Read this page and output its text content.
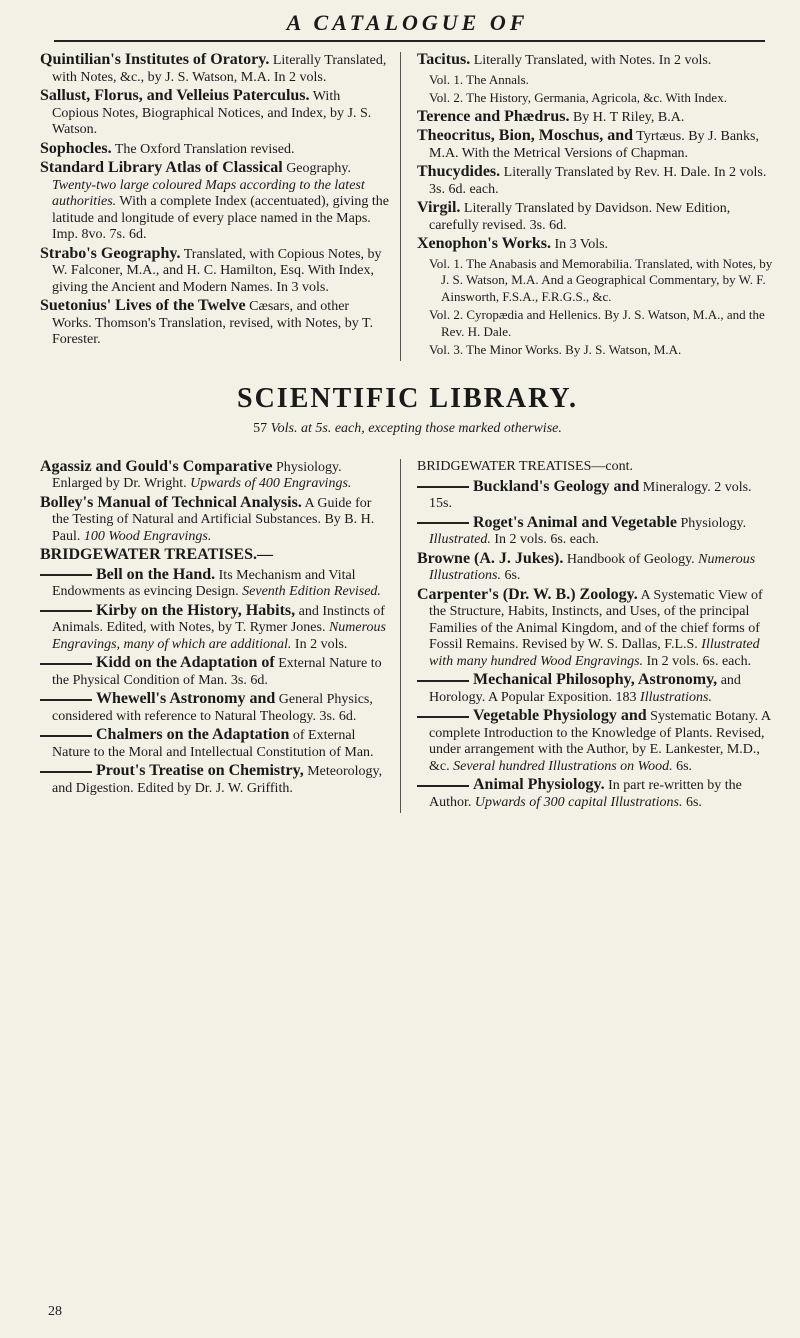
A CATALOGUE OF
Quintilian's Institutes of Oratory. Literally Translated, with Notes, &c., by J. S. Watson, M.A. In 2 vols.
Sallust, Florus, and Velleius Paterculus. With Copious Notes, Biographical Notices, and Index, by J. S. Watson.
Sophocles. The Oxford Translation revised.
Standard Library Atlas of Classical Geography. Twenty-two large coloured Maps according to the latest authorities. With a complete Index (accentuated), giving the latitude and longitude of every place named in the Maps. Imp. 8vo. 7s. 6d.
Strabo's Geography. Translated, with Copious Notes, by W. Falconer, M.A., and H. C. Hamilton, Esq. With Index, giving the Ancient and Modern Names. In 3 vols.
Suetonius' Lives of the Twelve Cæsars, and other Works. Thomson's Translation, revised, with Notes, by T. Forester.
Tacitus. Literally Translated, with Notes. In 2 vols.
Vol. 1. The Annals.
Vol. 2. The History, Germania, Agricola, &c. With Index.
Terence and Phædrus. By H. T Riley, B.A.
Theocritus, Bion, Moschus, and Tyrtæus. By J. Banks, M.A. With the Metrical Versions of Chapman.
Thucydides. Literally Translated by Rev. H. Dale. In 2 vols. 3s. 6d. each.
Virgil. Literally Translated by Davidson. New Edition, carefully revised. 3s. 6d.
Xenophon's Works. In 3 Vols.
Vol. 1. The Anabasis and Memorabilia. Translated, with Notes, by J. S. Watson, M.A. And a Geographical Commentary, by W. F. Ainsworth, F.S.A., F.R.G.S., &c.
Vol. 2. Cyropædia and Hellenics. By J. S. Watson, M.A., and the Rev. H. Dale.
Vol. 3. The Minor Works. By J. S. Watson, M.A.
SCIENTIFIC LIBRARY.
57 Vols. at 5s. each, excepting those marked otherwise.
Agassiz and Gould's Comparative Physiology. Enlarged by Dr. Wright. Upwards of 400 Engravings.
Bolley's Manual of Technical Analysis. A Guide for the Testing of Natural and Artificial Substances. By B. H. Paul. 100 Wood Engravings.
BRIDGEWATER TREATISES.—
Bell on the Hand. Its Mechanism and Vital Endowments as evincing Design. Seventh Edition Revised.
Kirby on the History, Habits, and Instincts of Animals. Edited, with Notes, by T. Rymer Jones. Numerous Engravings, many of which are additional. In 2 vols.
Kidd on the Adaptation of External Nature to the Physical Condition of Man. 3s. 6d.
Whewell's Astronomy and General Physics, considered with reference to Natural Theology. 3s. 6d.
Chalmers on the Adaptation of External Nature to the Moral and Intellectual Constitution of Man.
Prout's Treatise on Chemistry, Meteorology, and Digestion. Edited by Dr. J. W. Griffith.
BRIDGEWATER TREATISES—cont.
Buckland's Geology and Mineralogy. 2 vols. 15s.
Roget's Animal and Vegetable Physiology. Illustrated. In 2 vols. 6s. each.
Browne (A. J. Jukes). Handbook of Geology. Numerous Illustrations. 6s.
Carpenter's (Dr. W. B.) Zoology. A Systematic View of the Structure, Habits, Instincts, and Uses, of the principal Families of the Animal Kingdom, and of the chief forms of Fossil Remains. Revised by W. S. Dallas, F.L.S. Illustrated with many hundred Wood Engravings. In 2 vols. 6s. each.
Mechanical Philosophy, Astronomy, and Horology. A Popular Exposition. 183 Illustrations.
Vegetable Physiology and Systematic Botany. A complete Introduction to the Knowledge of Plants. Revised, under arrangement with the Author, by E. Lankester, M.D., &c. Several hundred Illustrations on Wood. 6s.
Animal Physiology. In part re-written by the Author. Upwards of 300 capital Illustrations. 6s.
28
